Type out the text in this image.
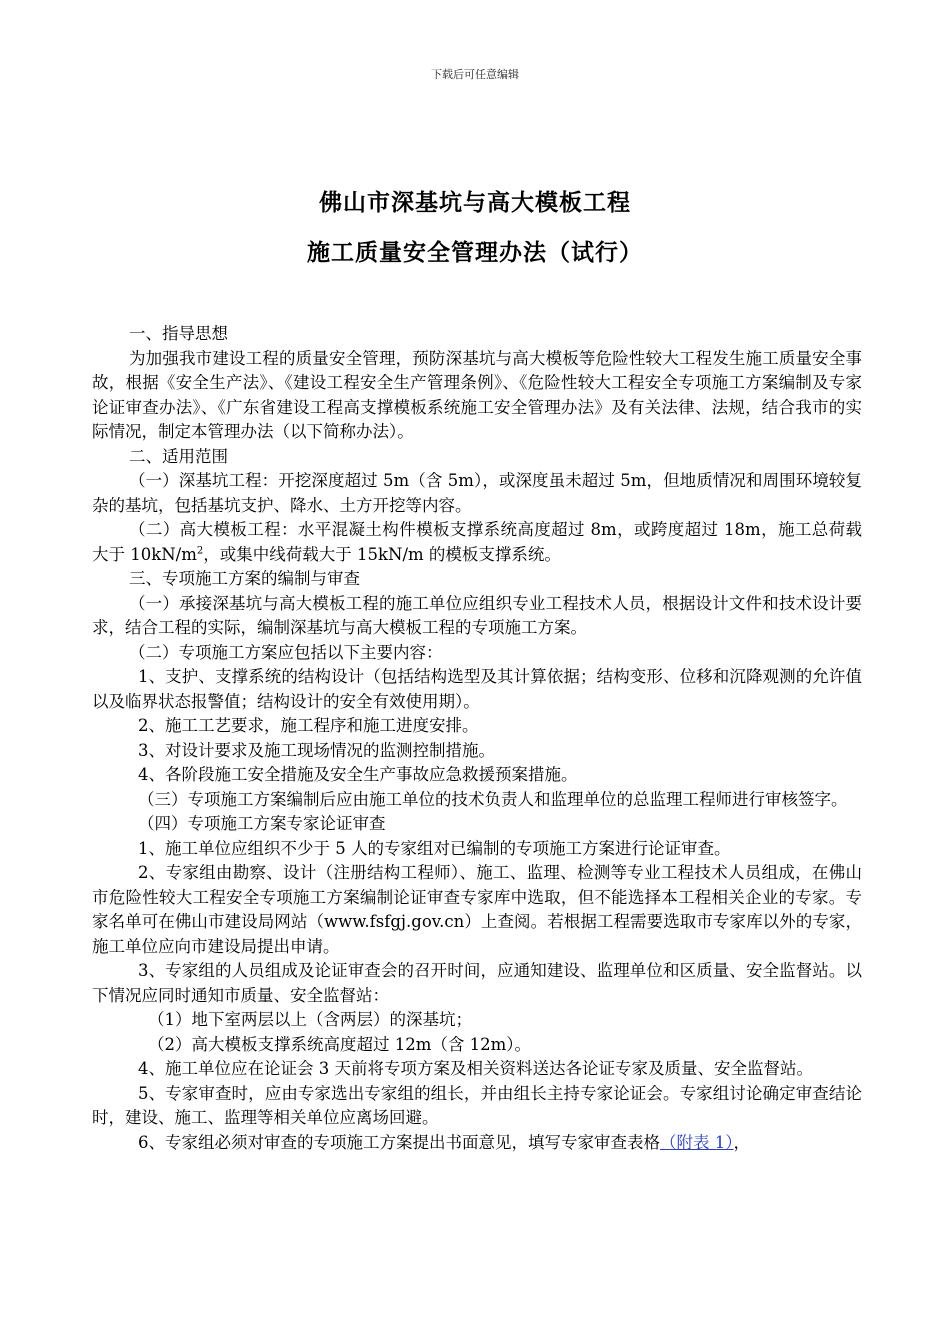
下载后可任意编辑
佛山市深基坑与高大模板工程
施工质量安全管理办法（试行）

一、指导思想

为加强我市建设工程的质量安全管理，预防深基坑与高大模板等危险性较大工程发生施工质量安全事故，根据《安全生产法》、《建设工程安全生产管理条例》、《危险性较大工程安全专项施工方案编制及专家论证审查办法》、《广东省建设工程高支撑模板系统施工安全管理办法》及有关法律、法规，结合我市的实际情况，制定本管理办法（以下简称办法）。

二、适用范围

（一）深基坑工程：开挖深度超过 5m（含 5m），或深度虽未超过 5m，但地质情况和周围环境较复杂的基坑，包括基坑支护、降水、土方开挖等内容。

（二）高大模板工程：水平混凝土构件模板支撑系统高度超过 8m，或跨度超过 18m，施工总荷载大于 $10kN/m^2$，或集中线荷载大于 15kN/m 的模板支撑系统。

三、专项施工方案的编制与审查

（一）承接深基坑与高大模板工程的施工单位应组织专业工程技术人员，根据设计文件和技术设计要求，结合工程的实际，编制深基坑与高大模板工程的专项施工方案。

（二）专项施工方案应包括以下主要内容：

1、支护、支撑系统的结构设计（包括结构选型及其计算依据；结构变形、位移和沉降观测的允许值以及临界状态报警值；结构设计的安全有效使用期）。

2、施工工艺要求，施工程序和施工进度安排。

3、对设计要求及施工现场情况的监测控制措施。

4、各阶段施工安全措施及安全生产事故应急救援预案措施。

（三）专项施工方案编制后应由施工单位的技术负责人和监理单位的总监理工程师进行审核签字。

（四）专项施工方案专家论证审查

1、施工单位应组织不少于 5 人的专家组对已编制的专项施工方案进行论证审查。

2、专家组由勘察、设计（注册结构工程师）、施工、监理、检测等专业工程技术人员组成，在佛山市危险性较大工程安全专项施工方案编制论证审查专家库中选取，但不能选择本工程相关企业的专家。专家名单可在佛山市建设局网站（www.fsfgj.gov.cn）上查阅。若根据工程需要选取市专家库以外的专家，施工单位应向市建设局提出申请。

3、专家组的人员组成及论证审查会的召开时间，应通知建设、监理单位和区质量、安全监督站。以下情况应同时通知市质量、安全监督站：

（1）地下室两层以上（含两层）的深基坑；

（2）高大模板支撑系统高度超过 12m（含 12m）。

4、施工单位应在论证会 3 天前将专项方案及相关资料送达各论证专家及质量、安全监督站。

5、专家审查时，应由专家选出专家组的组长，并由组长主持专家论证会。专家组讨论确定审查结论时，建设、施工、监理等相关单位应离场回避。

6、专家组必须对审查的专项施工方案提出书面意见，填写专家审查表格（附表 1），
